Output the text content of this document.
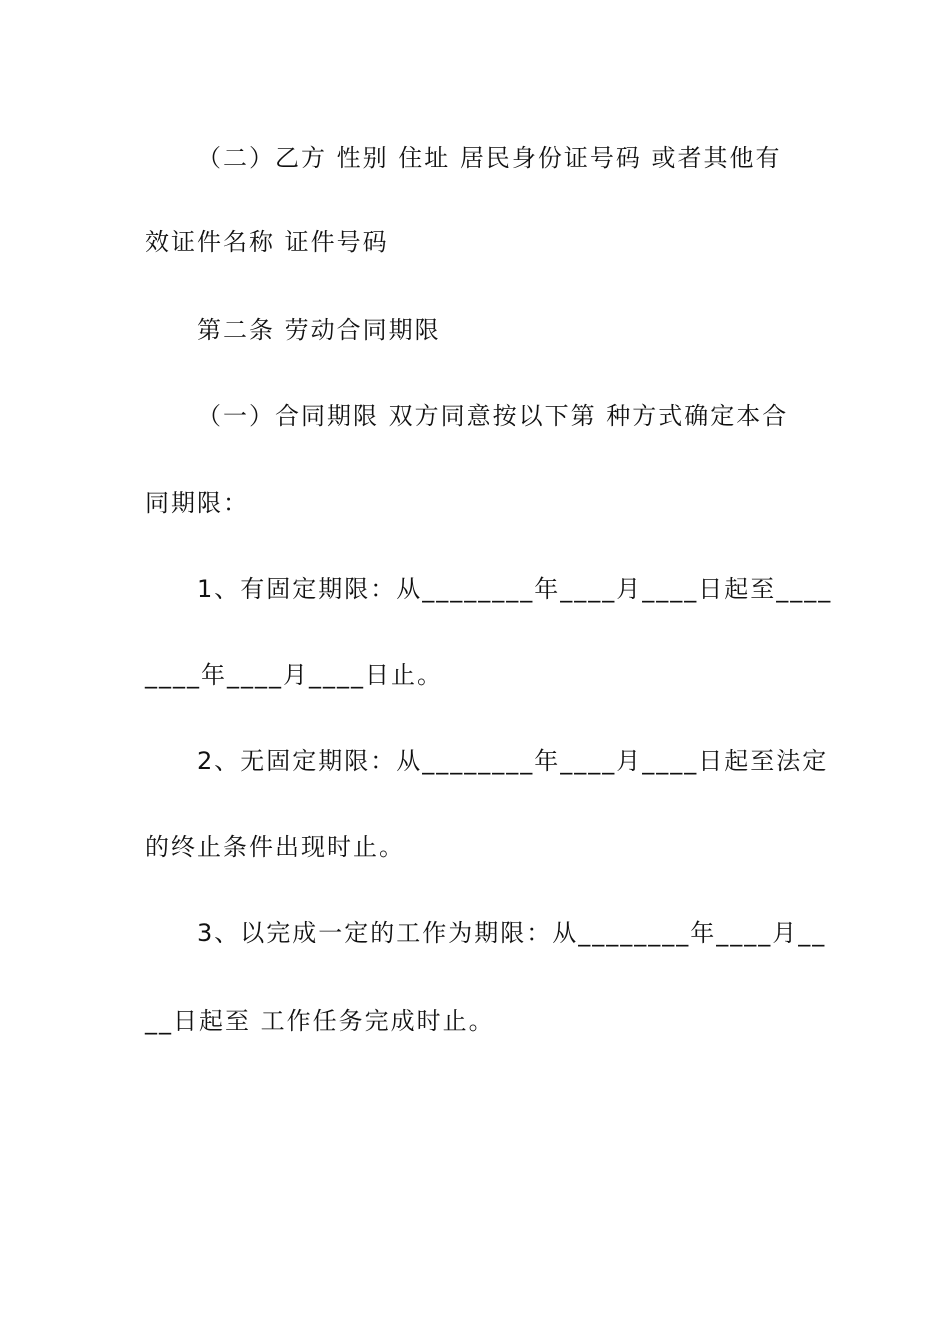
（二）乙方 性别 住址 居民身份证号码 或者其他有
效证件名称 证件号码
第二条 劳动合同期限
（一）合同期限 双方同意按以下第 种方式确定本合
同期限：
1、有固定期限：从________年____月____日起至____
____年____月____日止。
2、无固定期限：从________年____月____日起至法定
的终止条件出现时止。
3、以完成一定的工作为期限：从________年____月__
__日起至 工作任务完成时止。
